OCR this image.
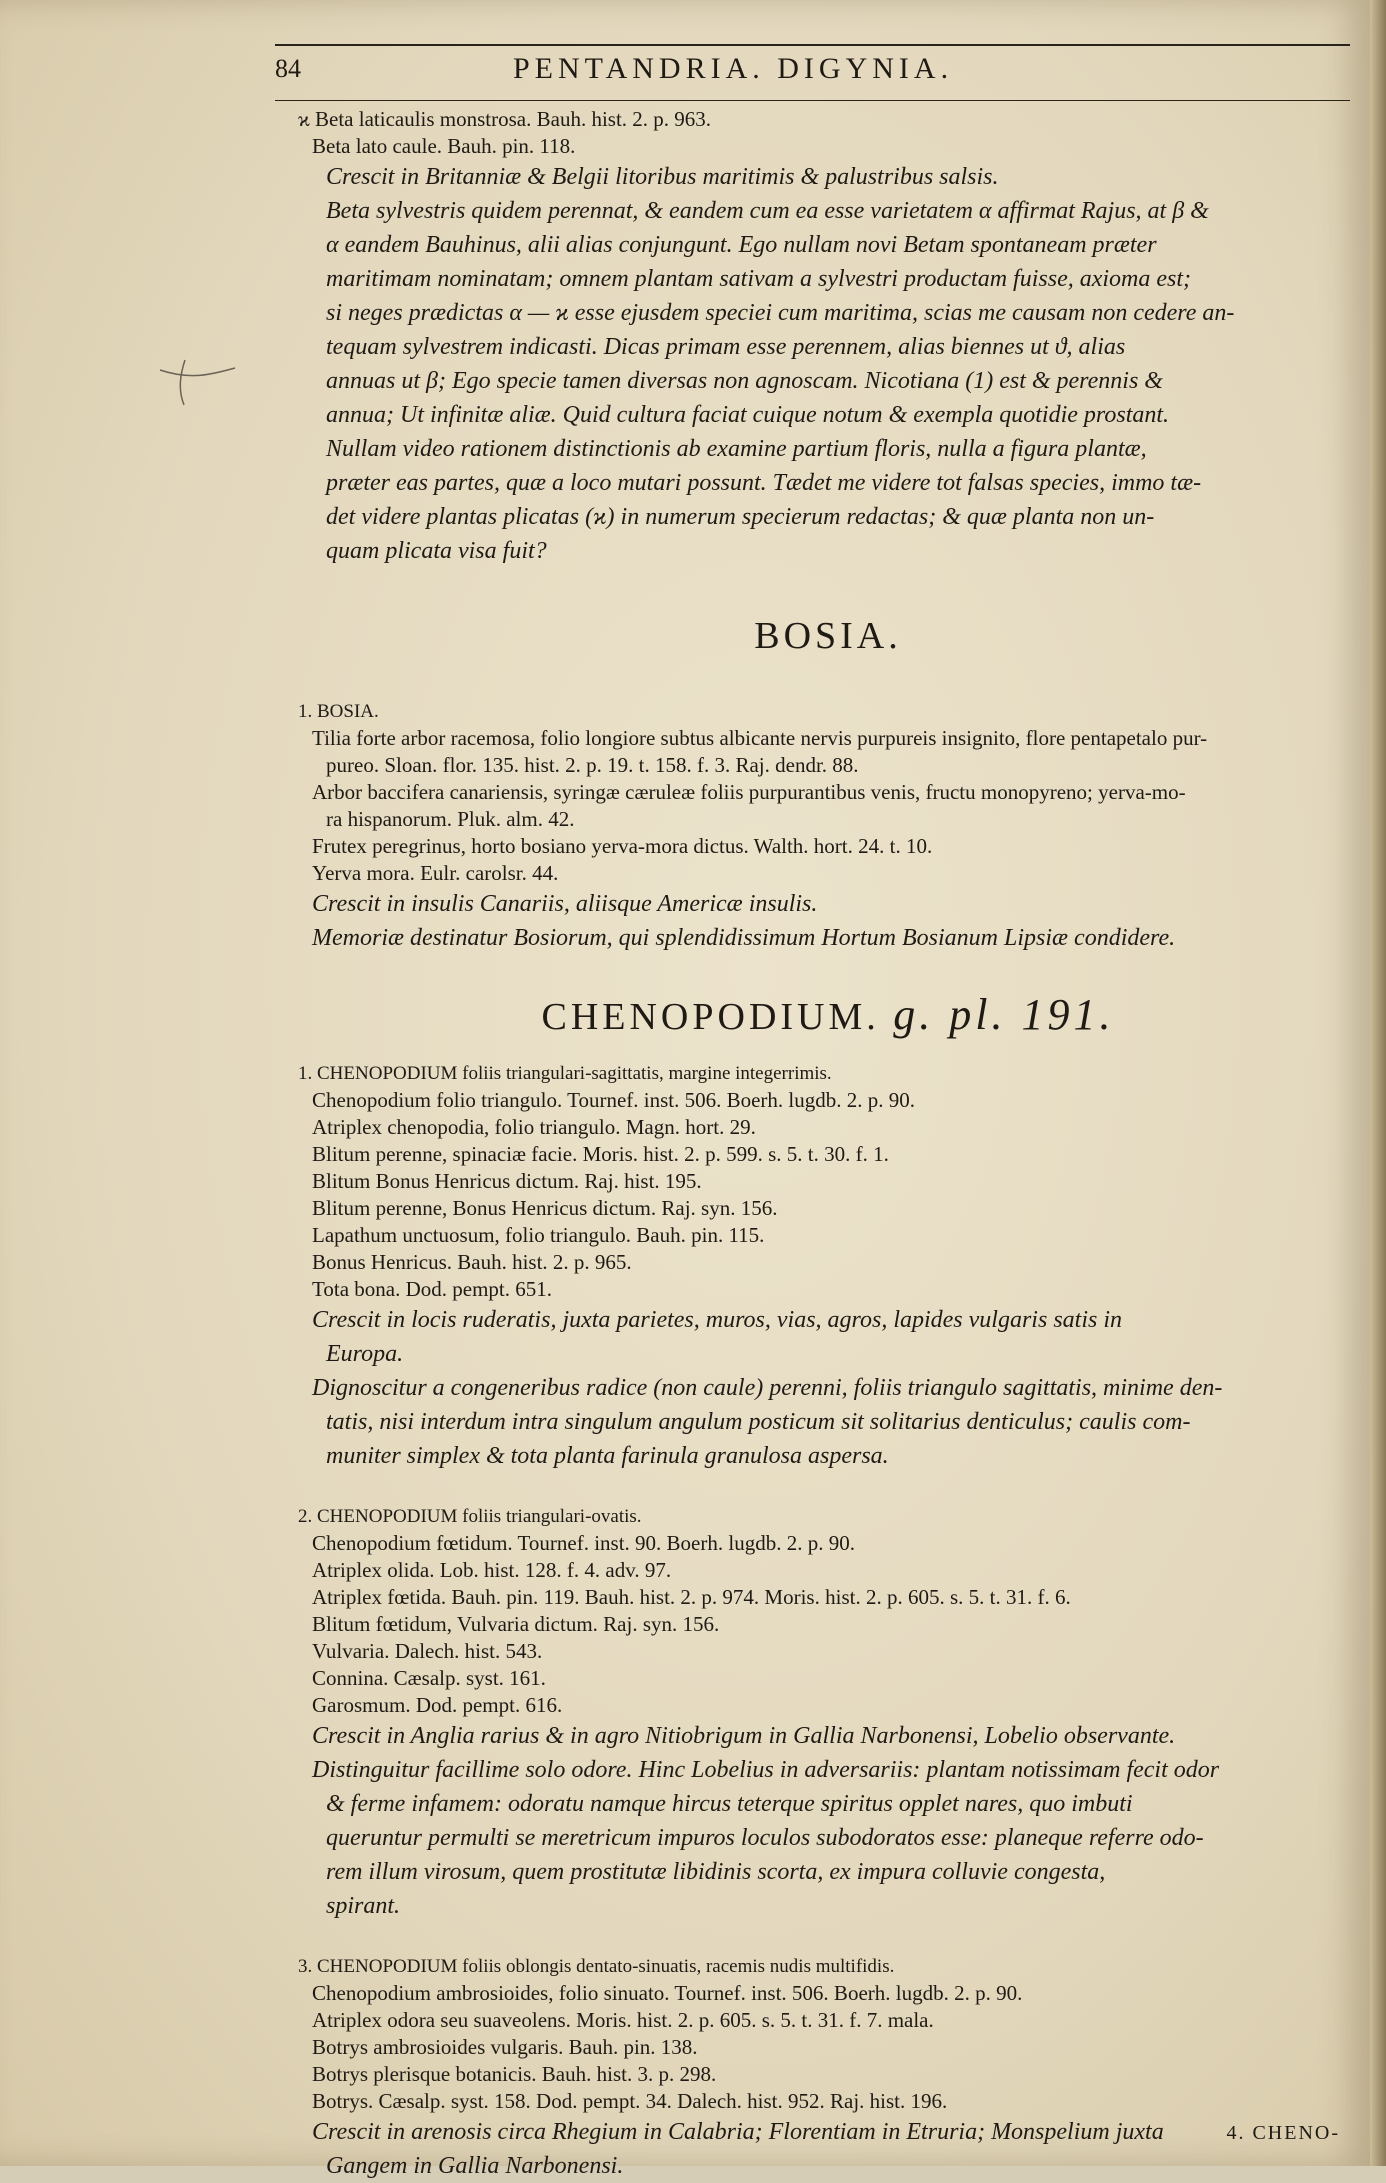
84	PENTANDRIA. DIGYNIA.
ϰ Beta laticaulis monstrosa. Bauh. hist. 2. p. 963.
Beta lato caule. Bauh. pin. 118.
Crescit in Britanniæ & Belgii litoribus maritimis & palustribus salsis.
Beta sylvestris quidem perennat, & eandem cum ea esse varietatem α affirmat Rajus, at β &
α eandem Bauhinus, alii alias conjungunt. Ego nullam novi Betam spontaneam præter
maritimam nominatam; omnem plantam sativam a sylvestri productam fuisse, axioma est;
si neges prædictas α — ϰ esse ejusdem speciei cum maritima, scias me causam non cedere an-
tequam sylvestrem indicasti. Dicas primam esse perennem, alias biennes ut ϑ, alias
annuas ut β; Ego specie tamen diversas non agnoscam. Nicotiana (1) est & perennis &
annua; Ut infinitæ aliæ. Quid cultura faciat cuique notum & exempla quotidie prostant.
Nullam video rationem distinctionis ab examine partium floris, nulla a figura plantæ,
præter eas partes, quæ a loco mutari possunt. Tædet me videre tot falsas species, immo tæ-
det videre plantas plicatas (ϰ) in numerum specierum redactas; & quæ planta non un-
quam plicata visa fuit?
BOSIA.
1. BOSIA.
Tilia forte arbor racemosa, folio longiore subtus albicante nervis purpureis insignito, flore pentapetalo pur-
pureo. Sloan. flor. 135. hist. 2. p. 19. t. 158. f. 3. Raj. dendr. 88.
Arbor baccifera canariensis, syringæ cæruleæ foliis purpurantibus venis, fructu monopyreno; yerva-mo-
ra hispanorum. Pluk. alm. 42.
Frutex peregrinus, horto bosiano yerva-mora dictus. Walth. hort. 24. t. 10.
Yerva mora. Eulr. carolsr. 44.
Crescit in insulis Canariis, aliisque Americæ insulis.
Memoriæ destinatur Bosiorum, qui splendidissimum Hortum Bosianum Lipsiæ condidere.
CHENOPODIUM. g. pl. 191.
1. CHENOPODIUM foliis triangulari-sagittatis, margine integerrimis.
Chenopodium folio triangulo. Tournef. inst. 506. Boerh. lugdb. 2. p. 90.
Atriplex chenopodia, folio triangulo. Magn. hort. 29.
Blitum perenne, spinaciæ facie. Moris. hist. 2. p. 599. s. 5. t. 30. f. 1.
Blitum Bonus Henricus dictum. Raj. hist. 195.
Blitum perenne, Bonus Henricus dictum. Raj. syn. 156.
Lapathum unctuosum, folio triangulo. Bauh. pin. 115.
Bonus Henricus. Bauh. hist. 2. p. 965.
Tota bona. Dod. pempt. 651.
Crescit in locis ruderatis, juxta parietes, muros, vias, agros, lapides vulgaris satis in
Europa.
Dignoscitur a congeneribus radice (non caule) perenni, foliis triangulo sagittatis, minime den-
tatis, nisi interdum intra singulum angulum posticum sit solitarius denticulus; caulis com-
muniter simplex & tota planta farinula granulosa aspersa.
2. CHENOPODIUM foliis triangulari-ovatis.
Chenopodium fœtidum. Tournef. inst. 90. Boerh. lugdb. 2. p. 90.
Atriplex olida. Lob. hist. 128. f. 4. adv. 97.
Atriplex fœtida. Bauh. pin. 119. Bauh. hist. 2. p. 974. Moris. hist. 2. p. 605. s. 5. t. 31. f. 6.
Blitum fœtidum, Vulvaria dictum. Raj. syn. 156.
Vulvaria. Dalech. hist. 543.
Connina. Cæsalp. syst. 161.
Garosmum. Dod. pempt. 616.
Crescit in Anglia rarius & in agro Nitiobrigum in Gallia Narbonensi, Lobelio observante.
Distinguitur facillime solo odore. Hinc Lobelius in adversariis: plantam notissimam fecit odor
& ferme infamem: odoratu namque hircus teterque spiritus opplet nares, quo imbuti
queruntur permulti se meretricum impuros loculos subodoratos esse: planeque referre odo-
rem illum virosum, quem prostitutæ libidinis scorta, ex impura colluvie congesta,
spirant.
3. CHENOPODIUM foliis oblongis dentato-sinuatis, racemis nudis multifidis.
Chenopodium ambrosioides, folio sinuato. Tournef. inst. 506. Boerh. lugdb. 2. p. 90.
Atriplex odora seu suaveolens. Moris. hist. 2. p. 605. s. 5. t. 31. f. 7. mala.
Botrys ambrosioides vulgaris. Bauh. pin. 138.
Botrys plerisque botanicis. Bauh. hist. 3. p. 298.
Botrys. Cæsalp. syst. 158. Dod. pempt. 34. Dalech. hist. 952. Raj. hist. 196.
Crescit in arenosis circa Rhegium in Calabria; Florentiam in Etruria; Monspelium juxta
Gangem in Gallia Narbonensi.
4. CHENO-
